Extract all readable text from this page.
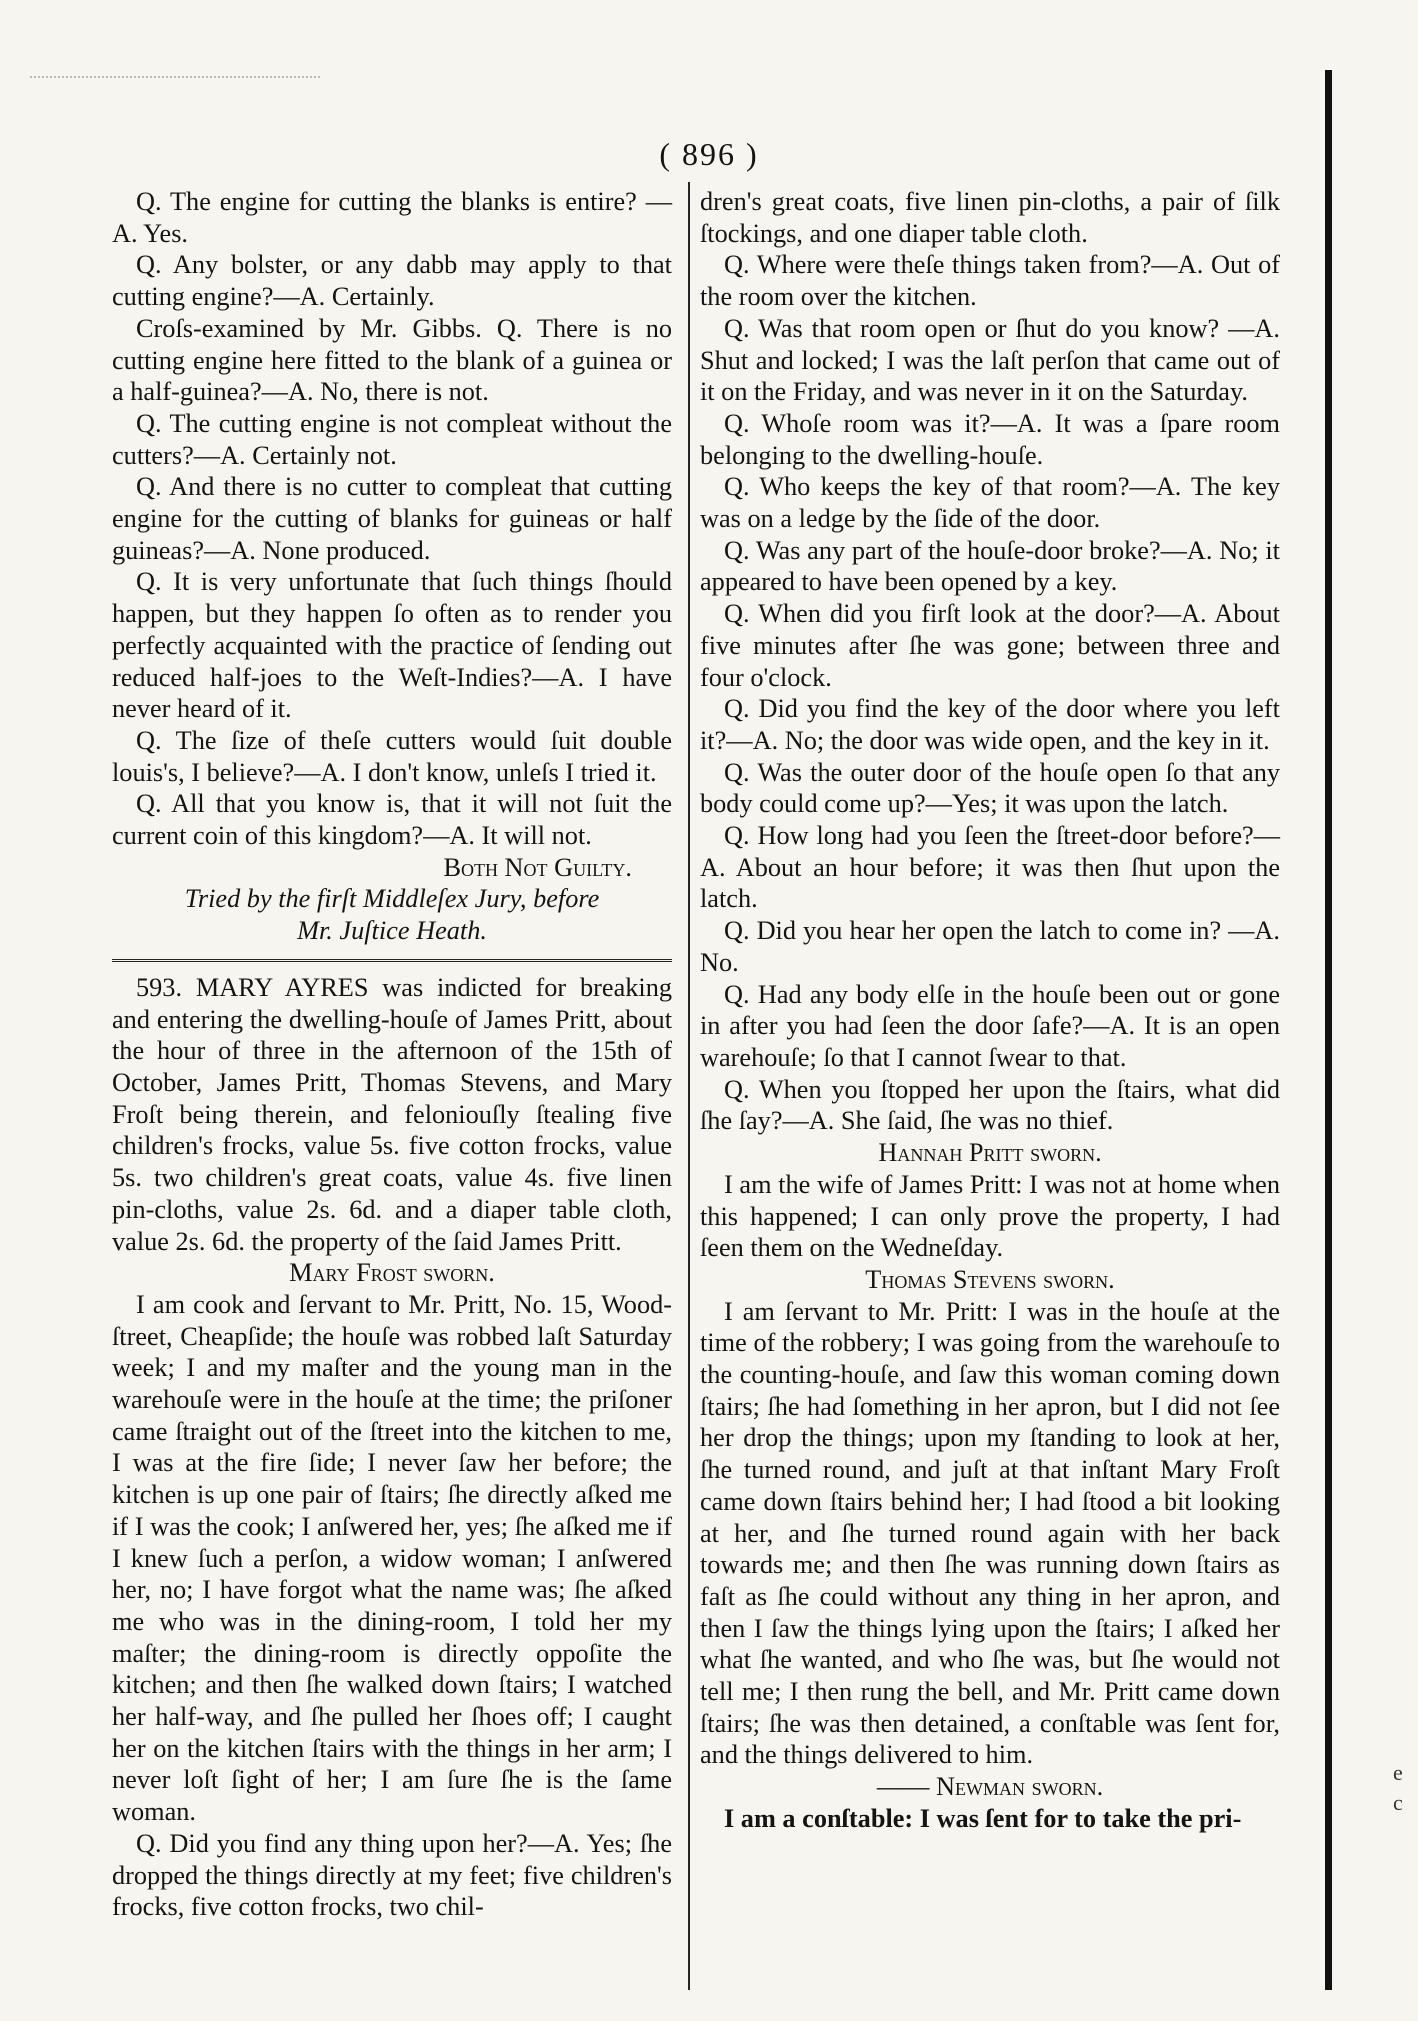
( 896 )

Q. The engine for cutting the blanks is entire? —A. Yes.

Q. Any bolster, or any dabb may apply to that cutting engine?—A. Certainly.

Croſs-examined by Mr. Gibbs. Q. There is no cutting engine here fitted to the blank of a guinea or a half-guinea?—A. No, there is not.

Q. The cutting engine is not compleat without the cutters?—A. Certainly not.

Q. And there is no cutter to compleat that cutting engine for the cutting of blanks for guineas or half guineas?—A. None produced.

Q. It is very unfortunate that ſuch things ſhould happen, but they happen ſo often as to render you perfectly acquainted with the practice of ſending out reduced half-joes to the Weſt-Indies?—A. I have never heard of it.

Q. The ſize of theſe cutters would ſuit double louis's, I believe?—A. I don't know, unleſs I tried it.

Q. All that you know is, that it will not ſuit the current coin of this kingdom?—A. It will not.

Both Not Guilty.

Tried by the firſt Middleſex Jury, before

Mr. Juſtice Heath.

593. MARY AYRES was indicted for breaking and entering the dwelling-houſe of James Pritt, about the hour of three in the afternoon of the 15th of October, James Pritt, Thomas Stevens, and Mary Froſt being therein, and feloniouſly ſtealing five children's frocks, value 5s. five cotton frocks, value 5s. two children's great coats, value 4s. five linen pin-cloths, value 2s. 6d. and a diaper table cloth, value 2s. 6d. the property of the ſaid James Pritt.

Mary Froſt ſworn.

I am cook and ſervant to Mr. Pritt, No. 15, Wood-ſtreet, Cheapſide; the houſe was robbed laſt Saturday week; I and my maſter and the young man in the warehouſe were in the houſe at the time; the priſoner came ſtraight out of the ſtreet into the kitchen to me, I was at the fire ſide; I never ſaw her before; the kitchen is up one pair of ſtairs; ſhe directly aſked me if I was the cook; I anſwered her, yes; ſhe aſked me if I knew ſuch a perſon, a widow woman; I anſwered her, no; I have forgot what the name was; ſhe aſked me who was in the dining-room, I told her my maſter; the dining-room is directly oppoſite the kitchen; and then ſhe walked down ſtairs; I watched her half-way, and ſhe pulled her ſhoes off; I caught her on the kitchen ſtairs with the things in her arm; I never loſt ſight of her; I am ſure ſhe is the ſame woman.

Q. Did you find any thing upon her?—A. Yes; ſhe dropped the things directly at my feet; five children's frocks, five cotton frocks, two chil-

dren's great coats, five linen pin-cloths, a pair of ſilk ſtockings, and one diaper table cloth.

Q. Where were theſe things taken from?—A. Out of the room over the kitchen.

Q. Was that room open or ſhut do you know? —A. Shut and locked; I was the laſt perſon that came out of it on the Friday, and was never in it on the Saturday.

Q. Whoſe room was it?—A. It was a ſpare room belonging to the dwelling-houſe.

Q. Who keeps the key of that room?—A. The key was on a ledge by the ſide of the door.

Q. Was any part of the houſe-door broke?—A. No; it appeared to have been opened by a key.

Q. When did you firſt look at the door?—A. About five minutes after ſhe was gone; between three and four o'clock.

Q. Did you find the key of the door where you left it?—A. No; the door was wide open, and the key in it.

Q. Was the outer door of the houſe open ſo that any body could come up?—Yes; it was upon the latch.

Q. How long had you ſeen the ſtreet-door before?—A. About an hour before; it was then ſhut upon the latch.

Q. Did you hear her open the latch to come in? —A. No.

Q. Had any body elſe in the houſe been out or gone in after you had ſeen the door ſafe?—A. It is an open warehouſe; ſo that I cannot ſwear to that.

Q. When you ſtopped her upon the ſtairs, what did ſhe ſay?—A. She ſaid, ſhe was no thief.

Hannah Pritt ſworn.

I am the wife of James Pritt: I was not at home when this happened; I can only prove the property, I had ſeen them on the Wedneſday.

Thomas Stevens ſworn.

I am ſervant to Mr. Pritt: I was in the houſe at the time of the robbery; I was going from the warehouſe to the counting-houſe, and ſaw this woman coming down ſtairs; ſhe had ſomething in her apron, but I did not ſee her drop the things; upon my ſtanding to look at her, ſhe turned round, and juſt at that inſtant Mary Froſt came down ſtairs behind her; I had ſtood a bit looking at her, and ſhe turned round again with her back towards me; and then ſhe was running down ſtairs as faſt as ſhe could without any thing in her apron, and then I ſaw the things lying upon the ſtairs; I aſked her what ſhe wanted, and who ſhe was, but ſhe would not tell me; I then rung the bell, and Mr. Pritt came down ſtairs; ſhe was then detained, a conſtable was ſent for, and the things delivered to him.

—— Newman ſworn.

I am a conſtable: I was ſent for to take the pri-

e
c
